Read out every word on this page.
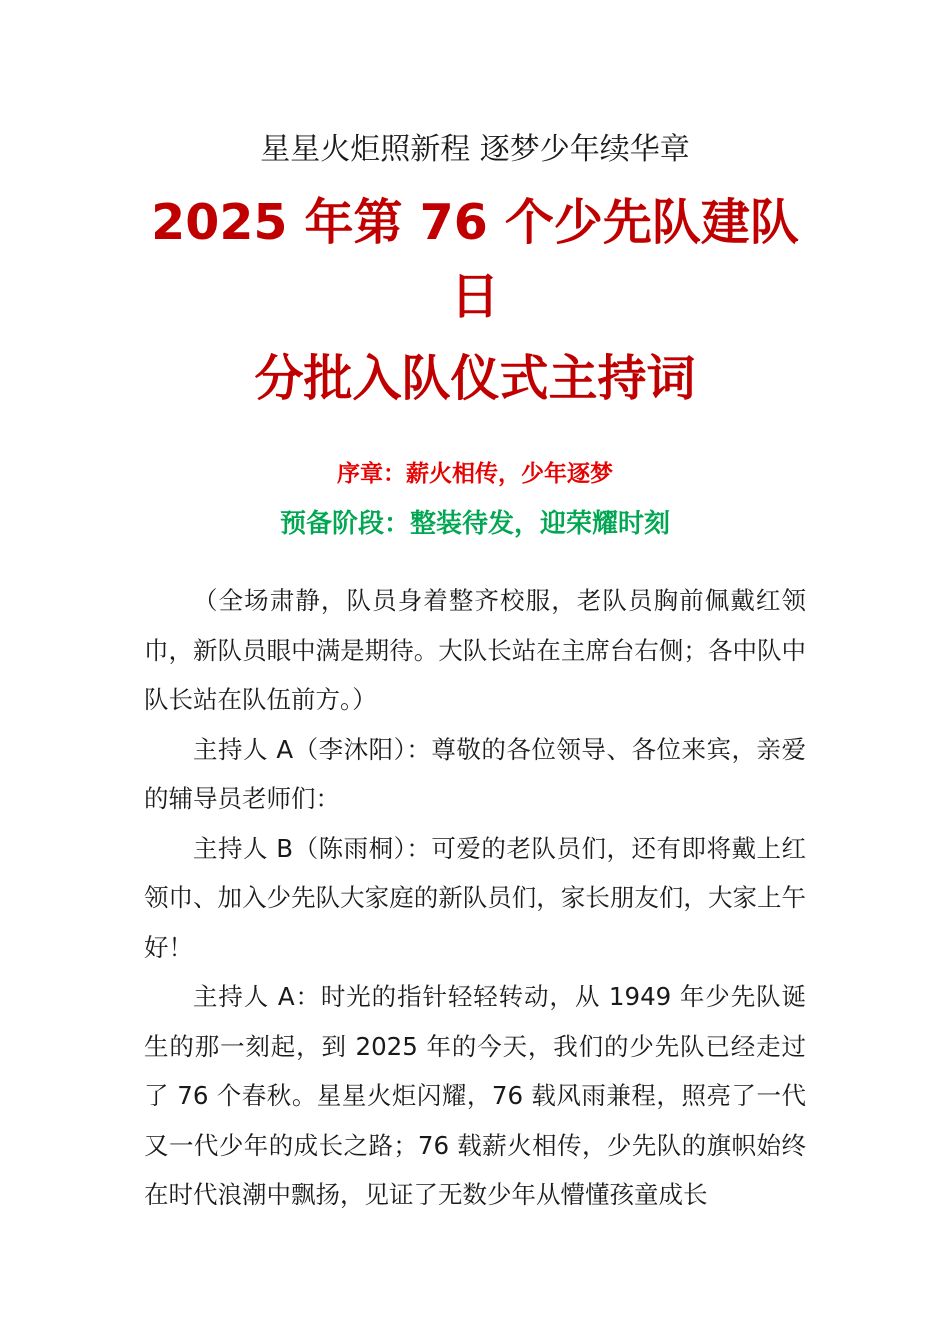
星星火炬照新程 逐梦少年续华章
2025 年第 76 个少先队建队
日
分批入队仪式主持词
序章：薪火相传，少年逐梦
预备阶段：整装待发，迎荣耀时刻

（全场肃静，队员身着整齐校服，老队员胸前佩戴红领巾，新队员眼中满是期待。大队长站在主席台右侧；各中队中队长站在队伍前方。）

主持人 A（李沐阳）：尊敬的各位领导、各位来宾，亲爱的辅导员老师们：

主持人 B（陈雨桐）：可爱的老队员们，还有即将戴上红领巾、加入少先队大家庭的新队员们，家长朋友们，大家上午好！

主持人 A：时光的指针轻轻转动，从 1949 年少先队诞生的那一刻起，到 2025 年的今天，我们的少先队已经走过了 76 个春秋。星星火炬闪耀，76 载风雨兼程，照亮了一代又一代少年的成长之路；76 载薪火相传，少先队的旗帜始终在时代浪潮中飘扬，见证了无数少年从懵懂孩童成长
